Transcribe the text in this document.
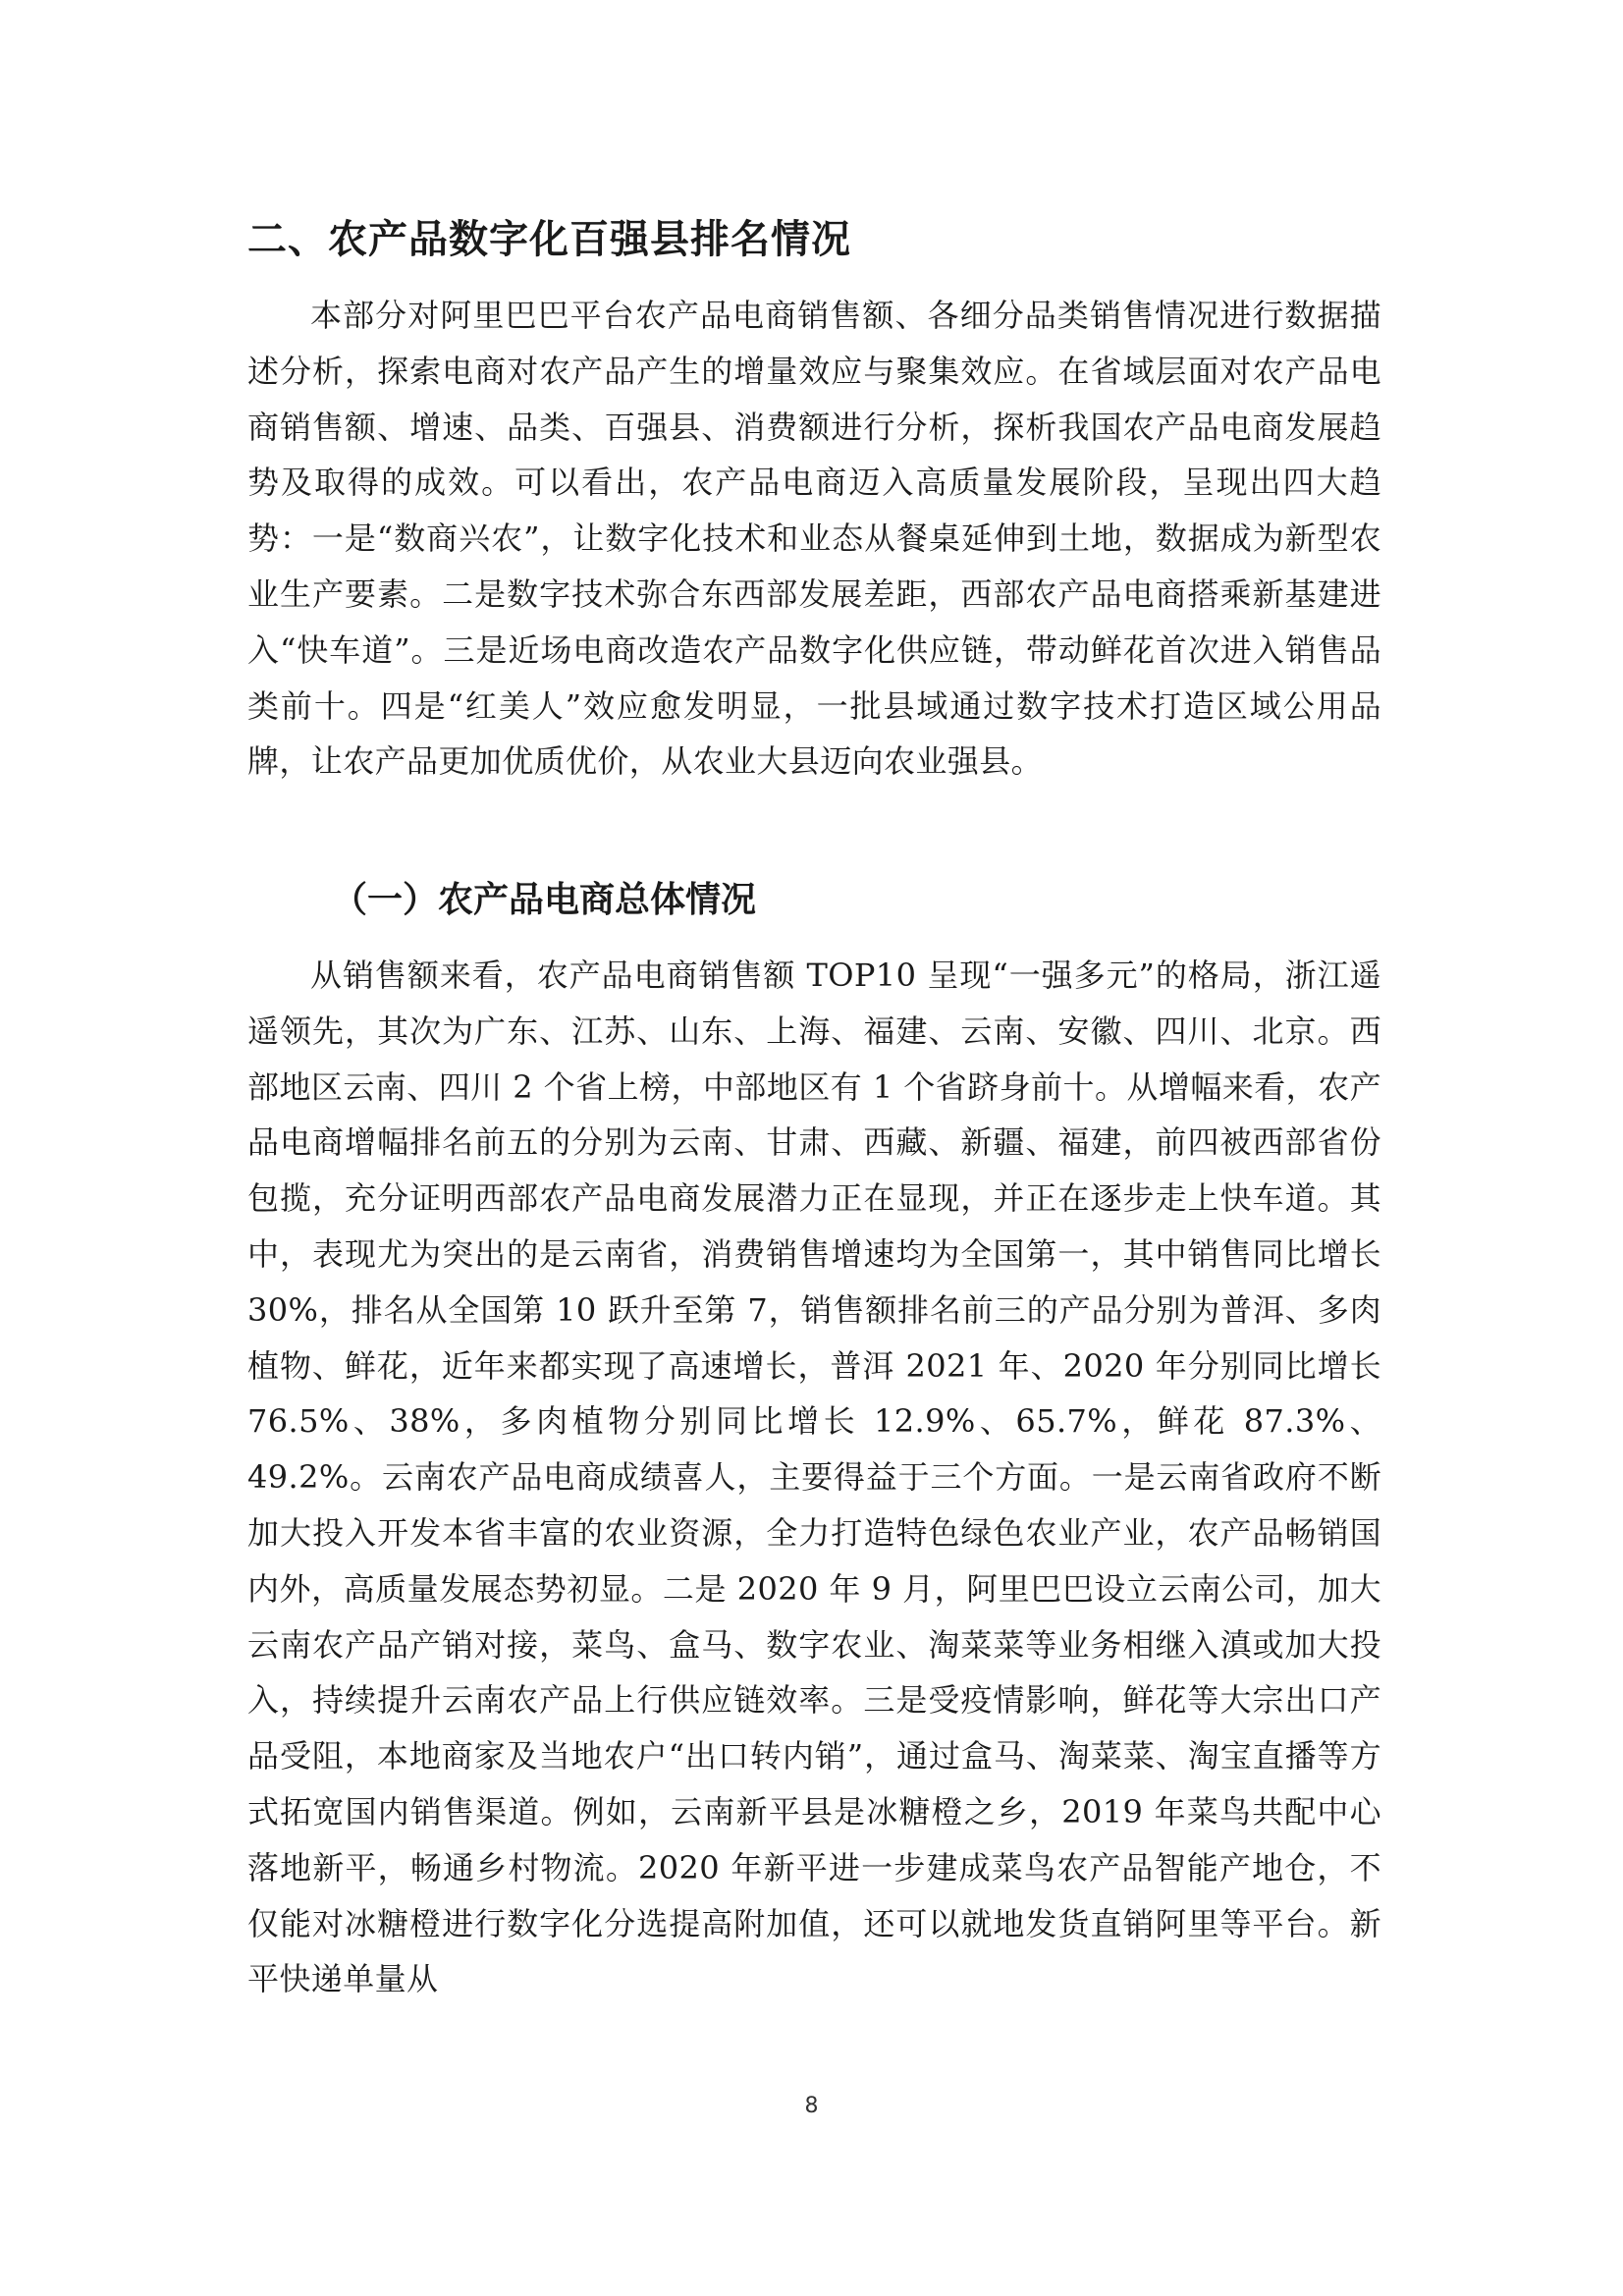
二、农产品数字化百强县排名情况

本部分对阿里巴巴平台农产品电商销售额、各细分品类销售情况进行数据描述分析，探索电商对农产品产生的增量效应与聚集效应。在省域层面对农产品电商销售额、增速、品类、百强县、消费额进行分析，探析我国农产品电商发展趋势及取得的成效。可以看出，农产品电商迈入高质量发展阶段，呈现出四大趋势：一是“数商兴农”，让数字化技术和业态从餐桌延伸到土地，数据成为新型农业生产要素。二是数字技术弥合东西部发展差距，西部农产品电商搭乘新基建进入“快车道”。三是近场电商改造农产品数字化供应链，带动鲜花首次进入销售品类前十。四是“红美人”效应愈发明显，一批县域通过数字技术打造区域公用品牌，让农产品更加优质优价，从农业大县迈向农业强县。

（一）农产品电商总体情况

从销售额来看，农产品电商销售额 TOP10 呈现“一强多元”的格局，浙江遥遥领先，其次为广东、江苏、山东、上海、福建、云南、安徽、四川、北京。西部地区云南、四川 2 个省上榜，中部地区有 1 个省跻身前十。从增幅来看，农产品电商增幅排名前五的分别为云南、甘肃、西藏、新疆、福建，前四被西部省份包揽，充分证明西部农产品电商发展潜力正在显现，并正在逐步走上快车道。其中，表现尤为突出的是云南省，消费销售增速均为全国第一，其中销售同比增长 30%，排名从全国第 10 跃升至第 7，销售额排名前三的产品分别为普洱、多肉植物、鲜花，近年来都实现了高速增长，普洱 2021 年、2020 年分别同比增长 76.5%、38%，多肉植物分别同比增长 12.9%、65.7%，鲜花 87.3%、49.2%。云南农产品电商成绩喜人，主要得益于三个方面。一是云南省政府不断加大投入开发本省丰富的农业资源，全力打造特色绿色农业产业，农产品畅销国内外，高质量发展态势初显。二是 2020 年 9 月，阿里巴巴设立云南公司，加大云南农产品产销对接，菜鸟、盒马、数字农业、淘菜菜等业务相继入滇或加大投入，持续提升云南农产品上行供应链效率。三是受疫情影响，鲜花等大宗出口产品受阻，本地商家及当地农户“出口转内销”，通过盒马、淘菜菜、淘宝直播等方式拓宽国内销售渠道。例如，云南新平县是冰糖橙之乡，2019 年菜鸟共配中心落地新平，畅通乡村物流。2020 年新平进一步建成菜鸟农产品智能产地仓，不仅能对冰糖橙进行数字化分选提高附加值，还可以就地发货直销阿里等平台。新平快递单量从

8
